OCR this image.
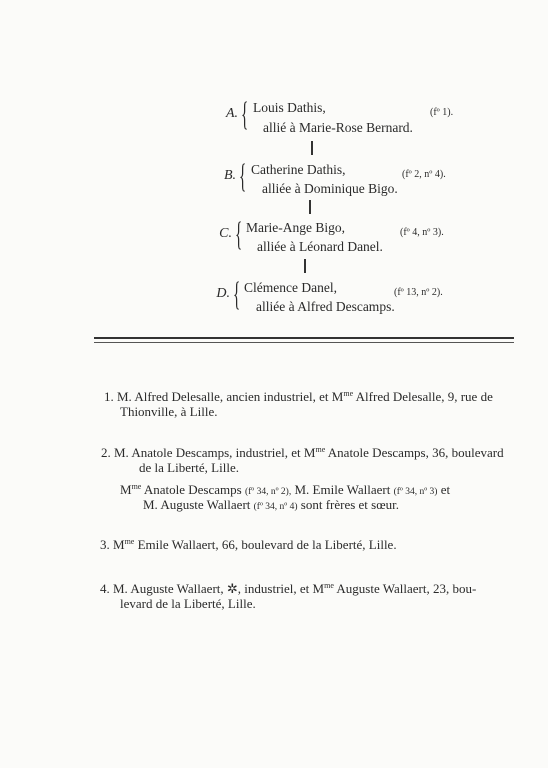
A. { Louis Dathis,
allié à Marie-Rose Bernard.
(fº 1).
B. { Catherine Dathis,
alliée à Dominique Bigo.
(fº 2, nº 4).
C. { Marie-Ange Bigo,
alliée à Léonard Danel.
(fº 4, nº 3).
D. { Clémence Danel,
alliée à Alfred Descamps.
(fº 13, nº 2).
1. M. Alfred Delesalle, ancien industriel, et $M^{me}$ Alfred Delesalle, 9, rue de
Thionville, à Lille.
2. M. Anatole Descamps, industriel, et $M^{me}$ Anatole Descamps, 36, boulevard
de la Liberté, Lille.
$M^{me}$ Anatole Descamps (fº 34, nº 2), M. Emile Wallaert (fº 34, nº 3) et
M. Auguste Wallaert (fº 34, nº 4) sont frères et sœur.
3. $M^{me}$ Emile Wallaert, 66, boulevard de la Liberté, Lille.
4. M. Auguste Wallaert, ✲, industriel, et $M^{me}$ Auguste Wallaert, 23, bou-
levard de la Liberté, Lille.
